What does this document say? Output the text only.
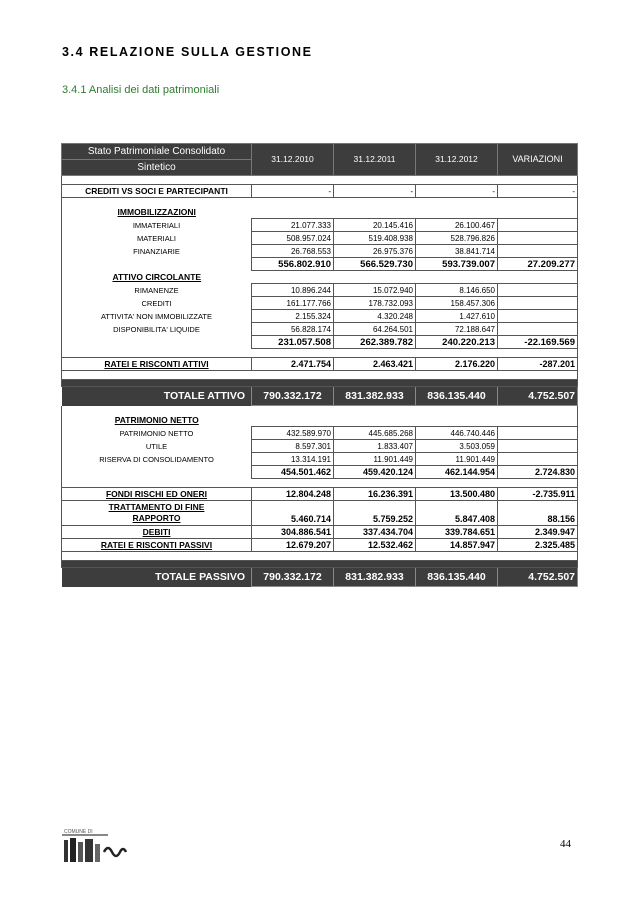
3.4 RELAZIONE SULLA GESTIONE
3.4.1 Analisi dei dati patrimoniali
Stato Patrimoniale Consolidato	31.12.2010	31.12.2011	31.12.2012	VARIAZIONI
Sintetico				

CREDITI VS SOCI E PARTECIPANTI	-	-	-	-

IMMOBILIZZAZIONI				
IMMATERIALI	21.077.333	20.145.416	26.100.467	
MATERIALI	508.957.024	519.408.938	528.796.826	
FINANZIARIE	26.768.553	26.975.376	38.841.714	
	556.802.910	566.529.730	593.739.007	27.209.277
ATTIVO CIRCOLANTE				
RIMANENZE	10.896.244	15.072.940	8.146.650	
CREDITI	161.177.766	178.732.093	158.457.306	
ATTIVITA' NON IMMOBILIZZATE	2.155.324	4.320.248	1.427.610	
DISPONIBILITA' LIQUIDE	56.828.174	64.264.501	72.188.647	
	231.057.508	262.389.782	240.220.213	-22.169.569

RATEI E RISCONTI ATTIVI	2.471.754	2.463.421	2.176.220	-287.201

TOTALE ATTIVO	790.332.172	831.382.933	836.135.440	4.752.507

PATRIMONIO NETTO				
PATRIMONIO NETTO	432.589.970	445.685.268	446.740.446	
UTILE	8.597.301	1.833.407	3.503.059	
RISERVA DI CONSOLIDAMENTO	13.314.191	11.901.449	11.901.449	
	454.501.462	459.420.124	462.144.954	2.724.830

FONDI RISCHI ED ONERI	12.804.248	16.236.391	13.500.480	-2.735.911

TRATTAMENTO DI FINE
RAPPORTO	5.460.714	5.759.252	5.847.408	88.156
DEBITI	304.886.541	337.434.704	339.784.651	2.349.947
RATEI E RISCONTI PASSIVI	12.679.207	12.532.462	14.857.947	2.325.485

TOTALE PASSIVO	790.332.172	831.382.933	836.135.440	4.752.507
COMUNE DI
44
